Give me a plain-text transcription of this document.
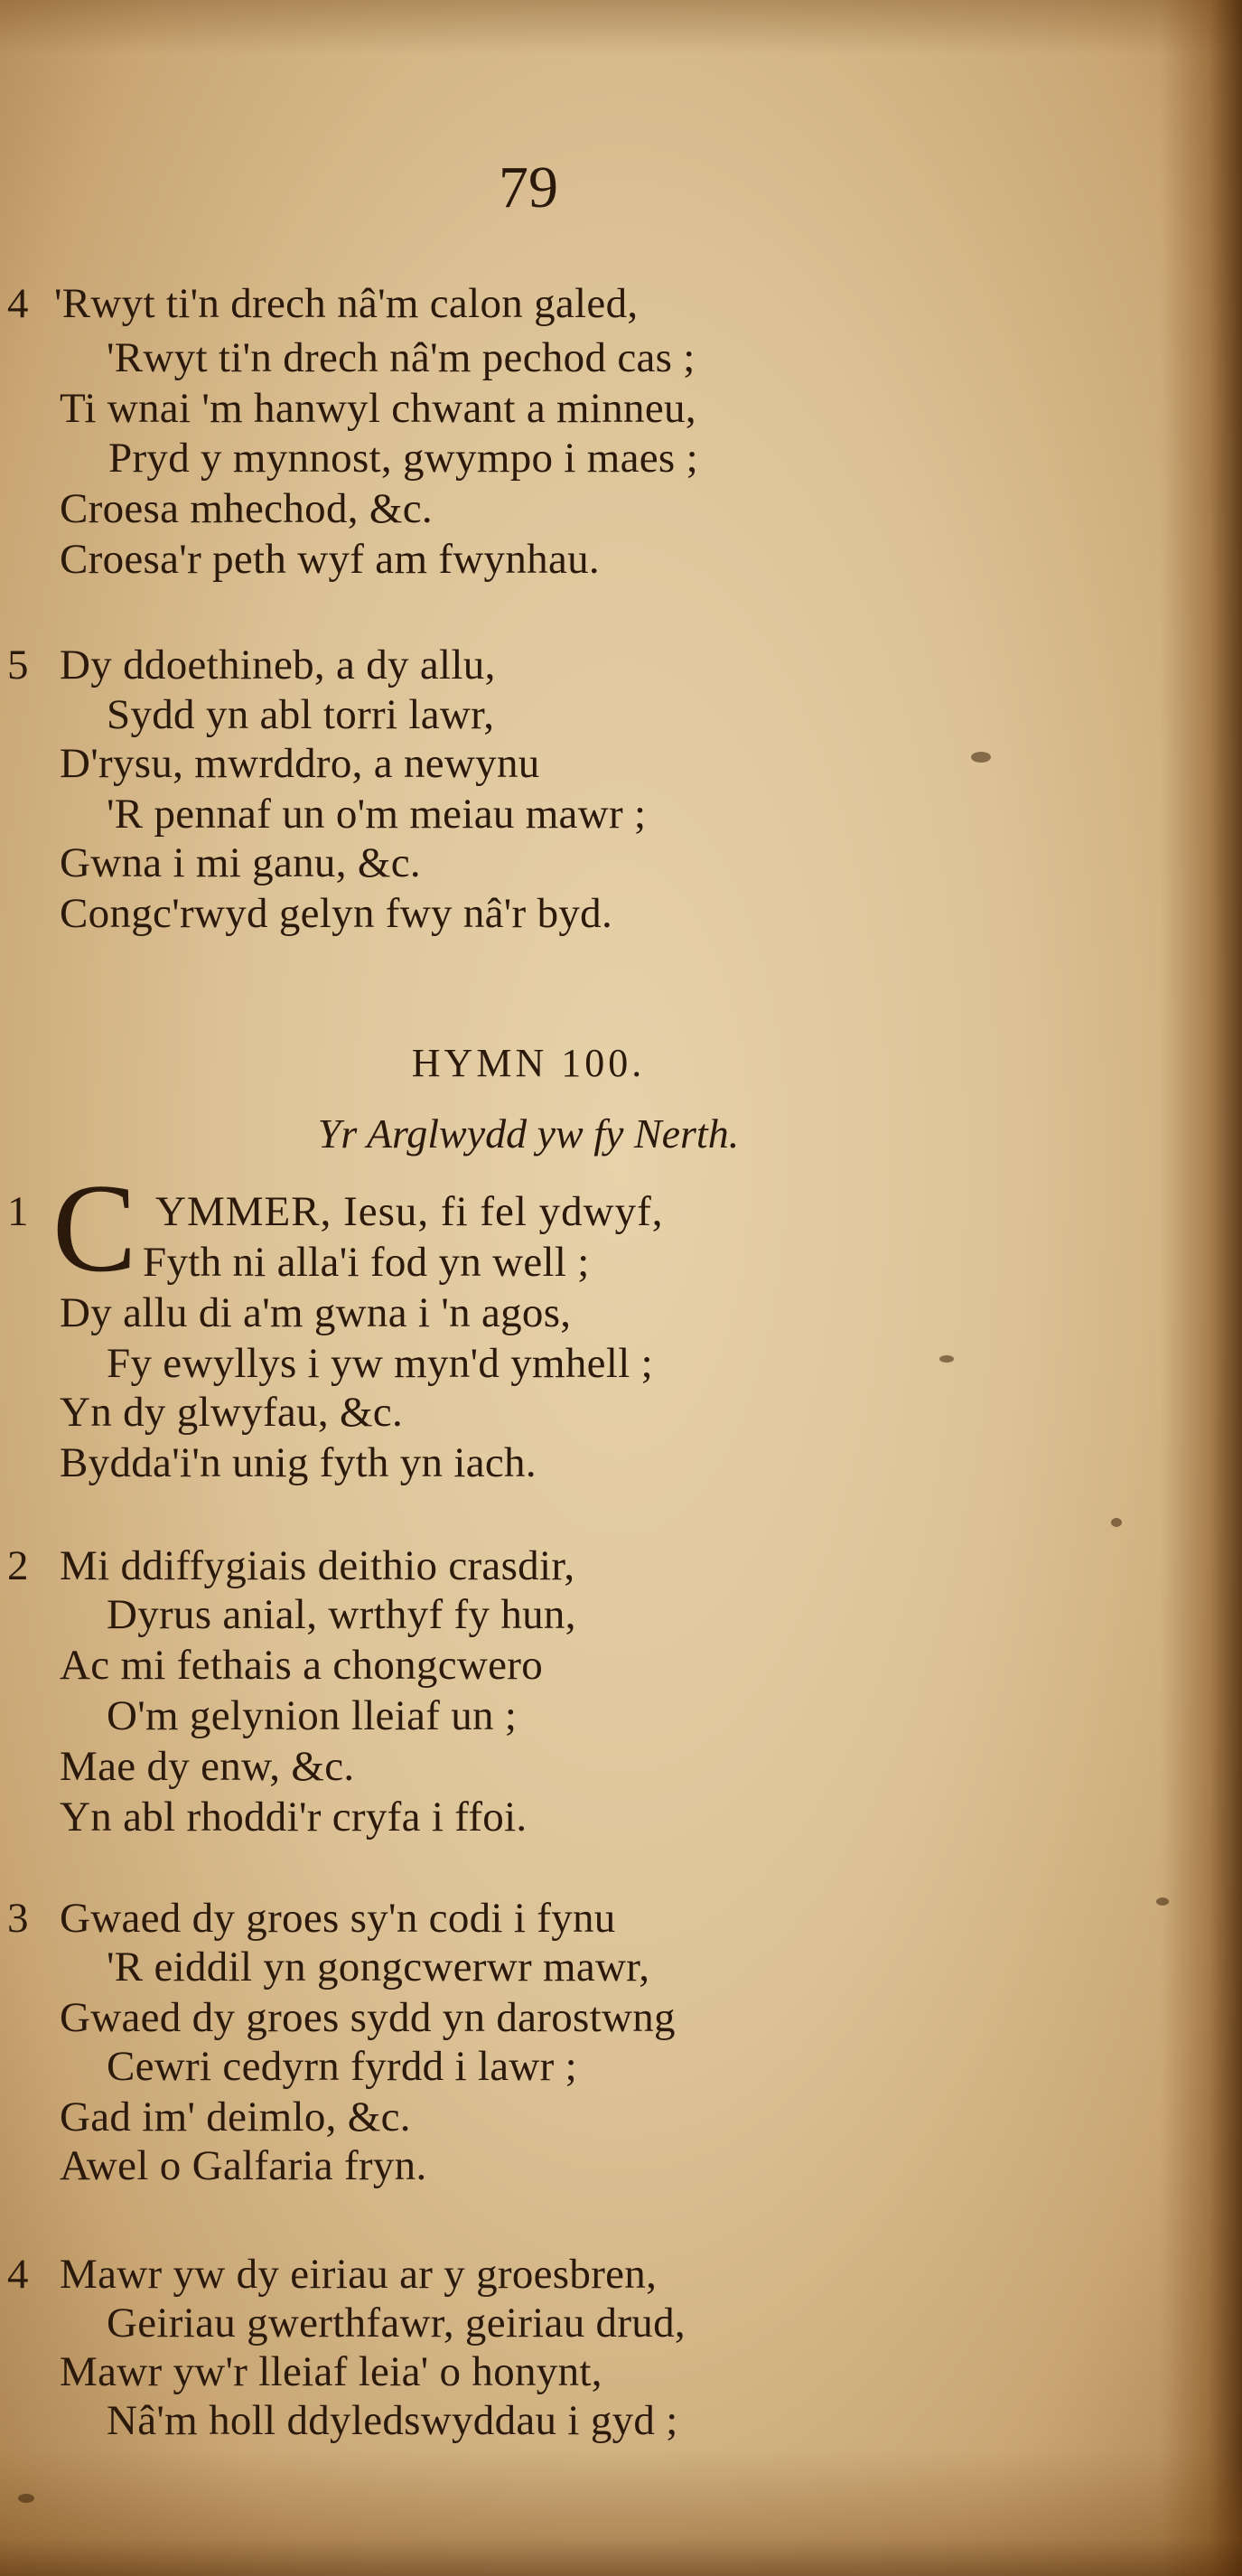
79
4 'Rwyt ti'n drech nâ'm calon galed,
'Rwyt ti'n drech nâ'm pechod cas ;
Ti wnai 'm hanwyl chwant a minneu,
Pryd y mynnost, gwympo i maes ;
Croesa mhechod, &c.
Croesa'r peth wyf am fwynhau.
5 Dy ddoethineb, a dy allu,
Sydd yn abl torri lawr,
D'rysu, mwrddro, a newynu
'R pennaf un o'm meiau mawr ;
Gwna i mi ganu, &c.
Congc'rwyd gelyn fwy nâ'r byd.
HYMN 100.
Yr Arglwydd yw fy Nerth.
1 C YMMER, Iesu, fi fel ydwyf,
Fyth ni alla'i fod yn well ;
Dy allu di a'm gwna i 'n agos,
Fy ewyllys i yw myn'd ymhell ;
Yn dy glwyfau, &c.
Bydda'i'n unig fyth yn iach.
2 Mi ddiffygiais deithio crasdir,
Dyrus anial, wrthyf fy hun,
Ac mi fethais a chongcwero
O'm gelynion lleiaf un ;
Mae dy enw, &c.
Yn abl rhoddi'r cryfa i ffoi.
3 Gwaed dy groes sy'n codi i fynu
'R eiddil yn gongcwerwr mawr,
Gwaed dy groes sydd yn darostwng
Cewri cedyrn fyrdd i lawr ;
Gad im' deimlo, &c.
Awel o Galfaria fryn.
4 Mawr yw dy eiriau ar y groesbren,
Geiriau gwerthfawr, geiriau drud,
Mawr yw'r lleiaf leia' o honynt,
Nâ'm holl ddyledswyddau i gyd ;
